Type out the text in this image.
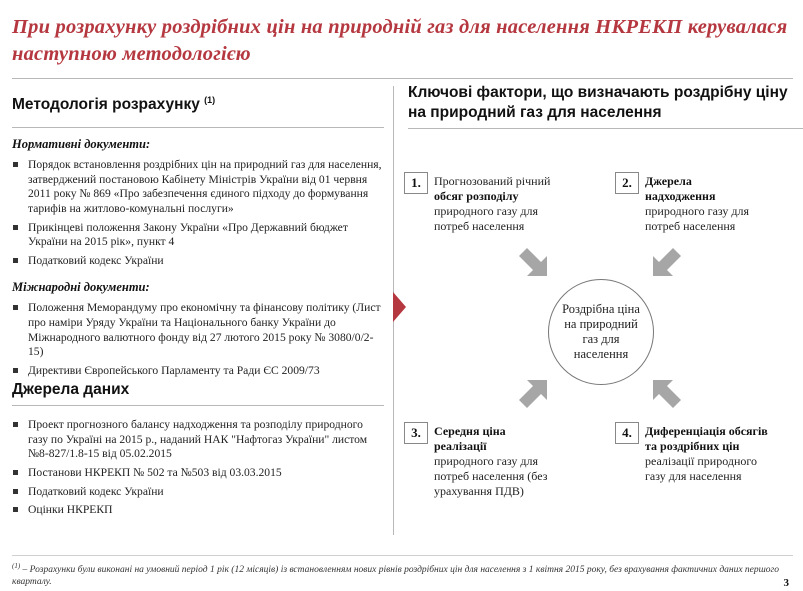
При розрахунку роздрібних цін на природній газ для населення НКРЕКП керувалася наступною методологією
Методологія розрахунку $^{(1)}$
Нормативні документи:
Порядок встановлення роздрібних цін на природний газ для населення, затверджений постановою Кабінету Міністрів України від 01 червня 2011 року № 869 «Про забезпечення єдиного підходу до формування тарифів на житлово-комунальні послуги»
Прикінцеві положення Закону України «Про Державний бюджет України на 2015 рік», пункт 4
Податковий кодекс України
Міжнародні документи:
Положення Меморандуму про економічну та фінансову політику (Лист про наміри Уряду України та Національного банку України до Міжнародного валютного фонду від 27 лютого 2015 року № 3080/0/2-15)
Директиви Європейського Парламенту та Ради ЄС 2009/73
Джерела даних
Проект прогнозного балансу надходження та розподілу природного газу по Україні на 2015 р., наданий НАК "Нафтогаз України" листом №8-827/1.8-15 від 05.02.2015
Постанови НКРЕКП № 502 та №503 від 03.03.2015
Податковий кодекс України
Оцінки НКРЕКП
Ключові фактори, що визначають роздрібну ціну на природний газ для населення
1.	Прогнозований річний
обсяг розподілу
природного газу для потреб населення
2.	Джерела надходження
природного газу для потреб населення
3.	Середня ціна реалізації
природного газу для потреб населення (без урахування ПДВ)
4.	Диференціація обсягів та роздрібних цін
реалізації природного газу для населення
Роздрібна ціна на природний газ для населення
$^{(1)}$ – Розрахунки були виконані на умовний період 1 рік (12 місяців) із встановленням нових рівнів роздрібних цін для населення з 1 квітня 2015 року, без врахування фактичних даних першого кварталу.	3
